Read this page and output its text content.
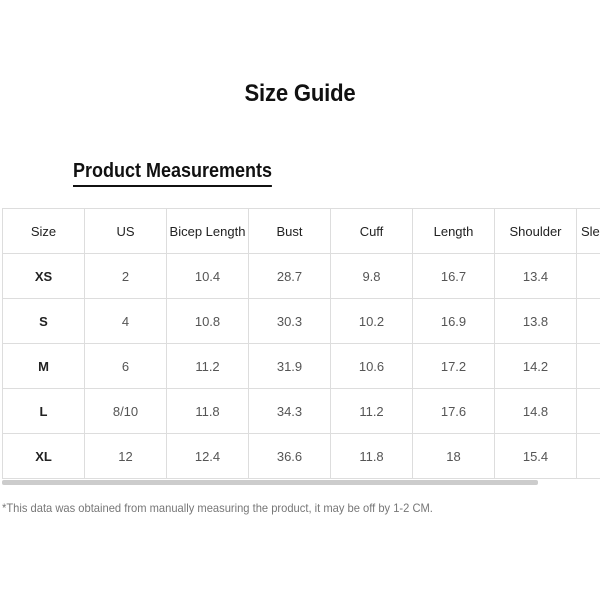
Size Guide
Product Measurements
Size	US	Bicep Length	Bust	Cuff	Length	Shoulder	Sle
XS	2	10.4	28.7	9.8	16.7	13.4	
S	4	10.8	30.3	10.2	16.9	13.8	
M	6	11.2	31.9	10.6	17.2	14.2	
L	8/10	11.8	34.3	11.2	17.6	14.8	
XL	12	12.4	36.6	11.8	18	15.4	
*This data was obtained from manually measuring the product, it may be off by 1-2 CM.
